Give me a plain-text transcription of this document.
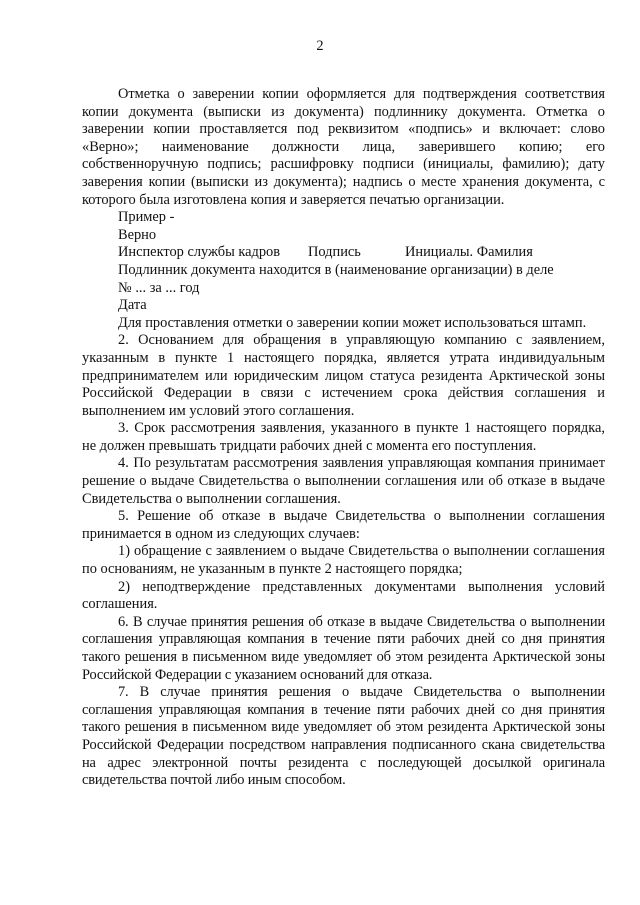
2

Отметка о заверении копии оформляется для подтверждения соответствия копии документа (выписки из документа) подлиннику документа. Отметка о заверении копии проставляется под реквизитом «подпись» и включает: слово «Верно»; наименование должности лица, заверившего копию; его собственноручную подпись; расшифровку подписи (инициалы, фамилию); дату заверения копии (выписки из документа); надпись о месте хранения документа, с которого была изготовлена копия и заверяется печатью организации.

Пример -
Верно
Инспектор службы кадров	Подпись	Инициалы. Фамилия
Подлинник документа находится в (наименование организации) в деле
№ ... за ... год
Дата

Для проставления отметки о заверении копии может использоваться штамп.

2. Основанием для обращения в управляющую компанию с заявлением, указанным в пункте 1 настоящего порядка, является утрата индивидуальным предпринимателем или юридическим лицом статуса резидента Арктической зоны Российской Федерации в связи с истечением срока действия соглашения и выполнением им условий этого соглашения.

3. Срок рассмотрения заявления, указанного в пункте 1 настоящего порядка, не должен превышать тридцати рабочих дней с момента его поступления.

4. По результатам рассмотрения заявления управляющая компания принимает решение о выдаче Свидетельства о выполнении соглашения или об отказе в выдаче Свидетельства о выполнении соглашения.

5. Решение об отказе в выдаче Свидетельства о выполнении соглашения принимается в одном из следующих случаев:

1) обращение с заявлением о выдаче Свидетельства о выполнении соглашения по основаниям, не указанным в пункте 2 настоящего порядка;

2) неподтверждение представленных документами выполнения условий соглашения.

6. В случае принятия решения об отказе в выдаче Свидетельства о выполнении соглашения управляющая компания в течение пяти рабочих дней со дня принятия такого решения в письменном виде уведомляет об этом резидента Арктической зоны Российской Федерации с указанием оснований для отказа.

7. В случае принятия решения о выдаче Свидетельства о выполнении соглашения управляющая компания в течение пяти рабочих дней со дня принятия такого решения в письменном виде уведомляет об этом резидента Арктической зоны Российской Федерации посредством направления подписанного скана свидетельства на адрес электронной почты резидента с последующей досылкой оригинала свидетельства почтой либо иным способом.
